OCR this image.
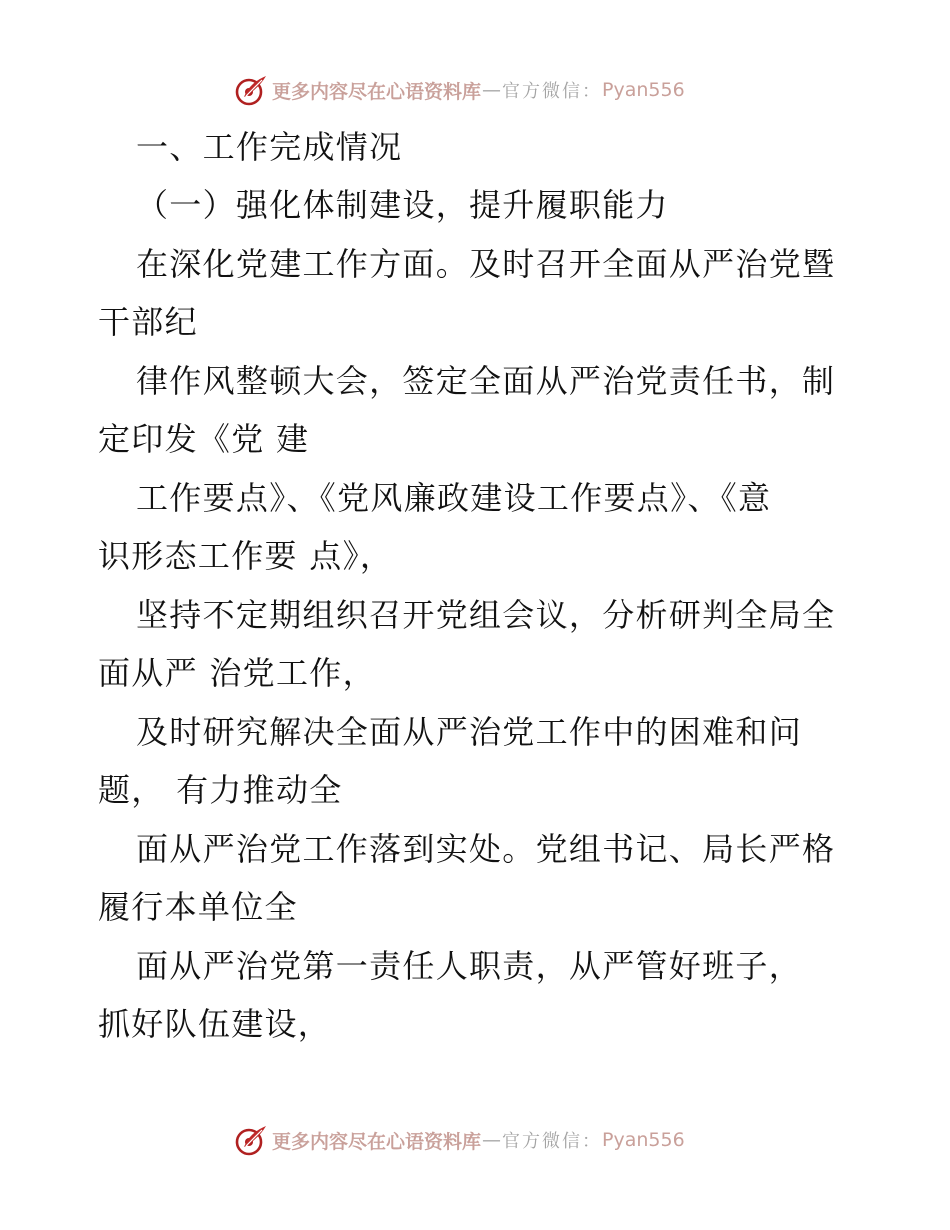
更多内容尽在心语资料库 — 官方微信： Pyan556
一、工作完成情况
（一）强化体制建设，提升履职能力
在深化党建工作方面。及时召开全面从严治党暨
干部纪
律作风整顿大会，签定全面从严治党责任书，制
定印发《党 建
工作要点》、《党风廉政建设工作要点》、《意
识形态工作要 点》，
坚持不定期组织召开党组会议，分析研判全局全
面从严 治党工作，
及时研究解决全面从严治党工作中的困难和问
题， 有力推动全
面从严治党工作落到实处。党组书记、局长严格
履行本单位全
面从严治党第一责任人职责，从严管好班子，
抓好队伍建设，
更多内容尽在心语资料库 — 官方微信： Pyan556
